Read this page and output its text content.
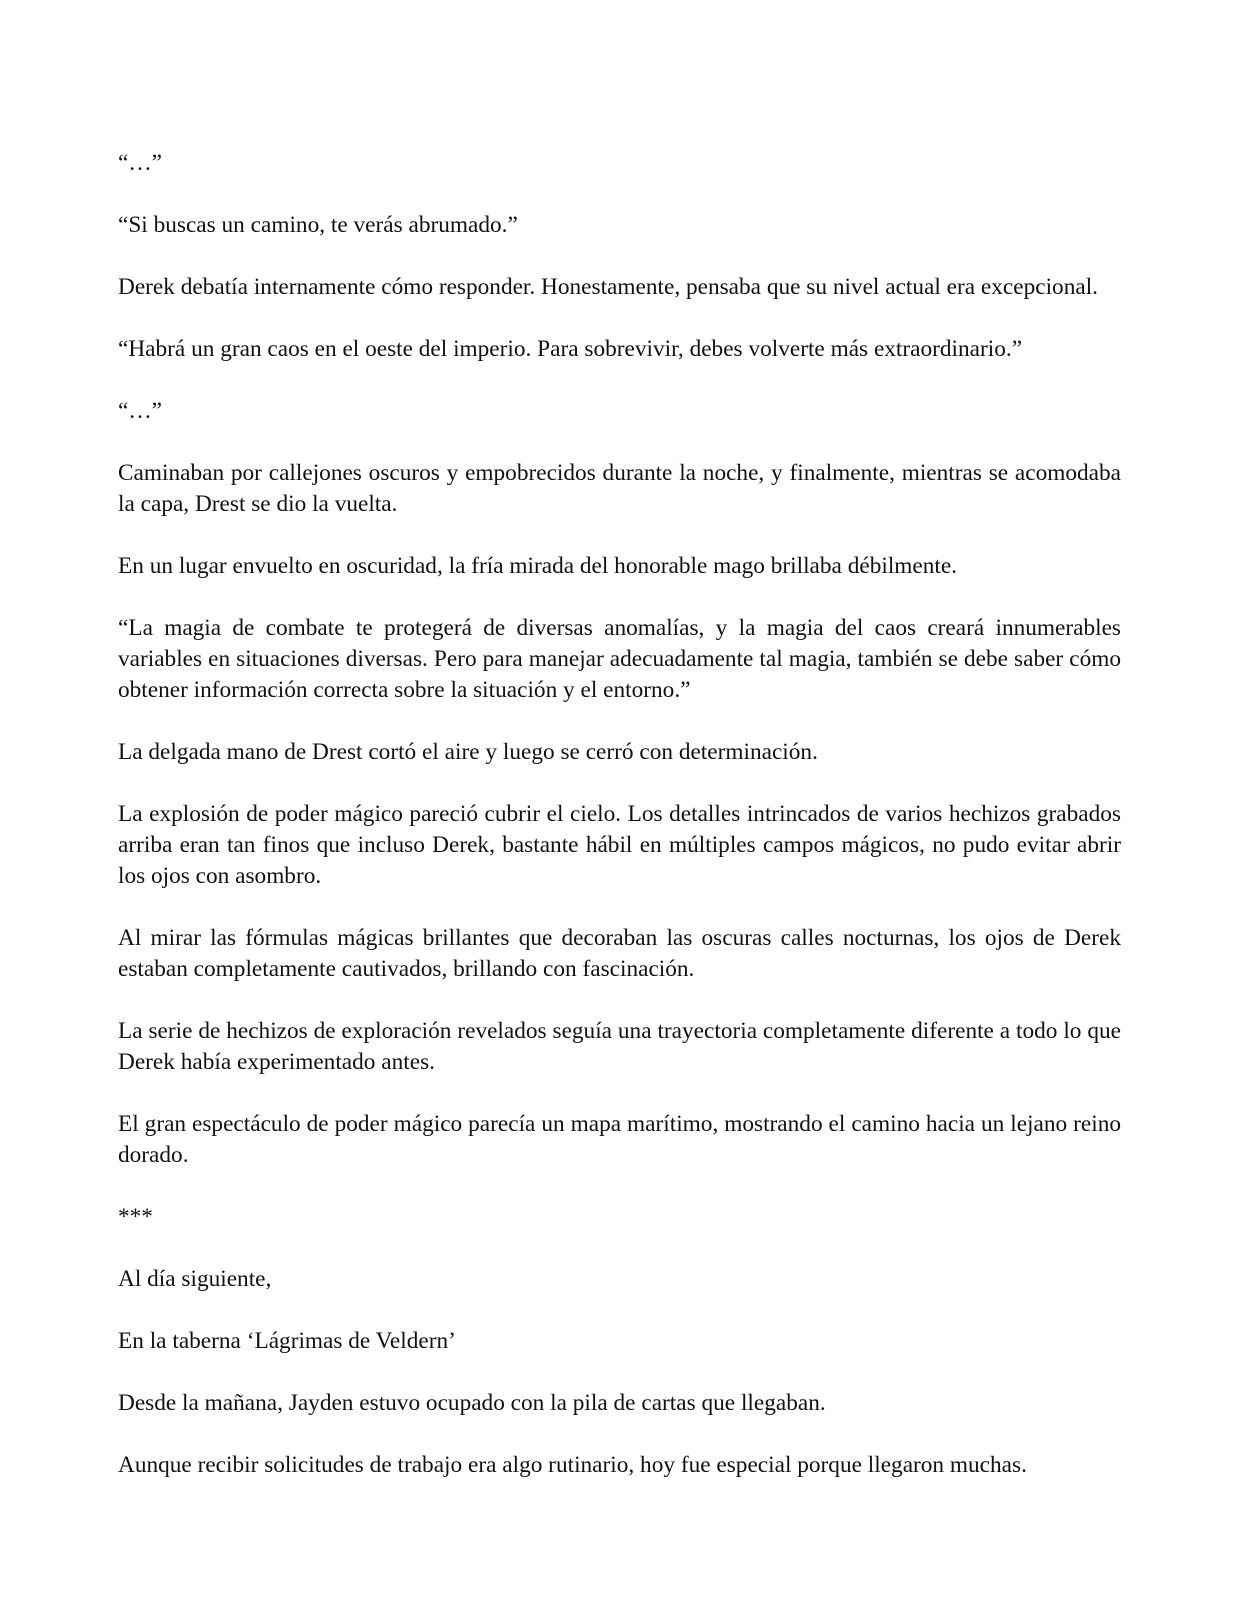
“…”

“Si buscas un camino, te verás abrumado.”

Derek debatía internamente cómo responder. Honestamente, pensaba que su nivel actual era excepcional.

“Habrá un gran caos en el oeste del imperio. Para sobrevivir, debes volverte más extraordinario.”

“…”

Caminaban por callejones oscuros y empobrecidos durante la noche, y finalmente, mientras se acomodaba la capa, Drest se dio la vuelta.

En un lugar envuelto en oscuridad, la fría mirada del honorable mago brillaba débilmente.

“La magia de combate te protegerá de diversas anomalías, y la magia del caos creará innumerables variables en situaciones diversas. Pero para manejar adecuadamente tal magia, también se debe saber cómo obtener información correcta sobre la situación y el entorno.”

La delgada mano de Drest cortó el aire y luego se cerró con determinación.

La explosión de poder mágico pareció cubrir el cielo. Los detalles intrincados de varios hechizos grabados arriba eran tan finos que incluso Derek, bastante hábil en múltiples campos mágicos, no pudo evitar abrir los ojos con asombro.

Al mirar las fórmulas mágicas brillantes que decoraban las oscuras calles nocturnas, los ojos de Derek estaban completamente cautivados, brillando con fascinación.

La serie de hechizos de exploración revelados seguía una trayectoria completamente diferente a todo lo que Derek había experimentado antes.

El gran espectáculo de poder mágico parecía un mapa marítimo, mostrando el camino hacia un lejano reino dorado.

***

Al día siguiente,

En la taberna ‘Lágrimas de Veldern’

Desde la mañana, Jayden estuvo ocupado con la pila de cartas que llegaban.

Aunque recibir solicitudes de trabajo era algo rutinario, hoy fue especial porque llegaron muchas.
